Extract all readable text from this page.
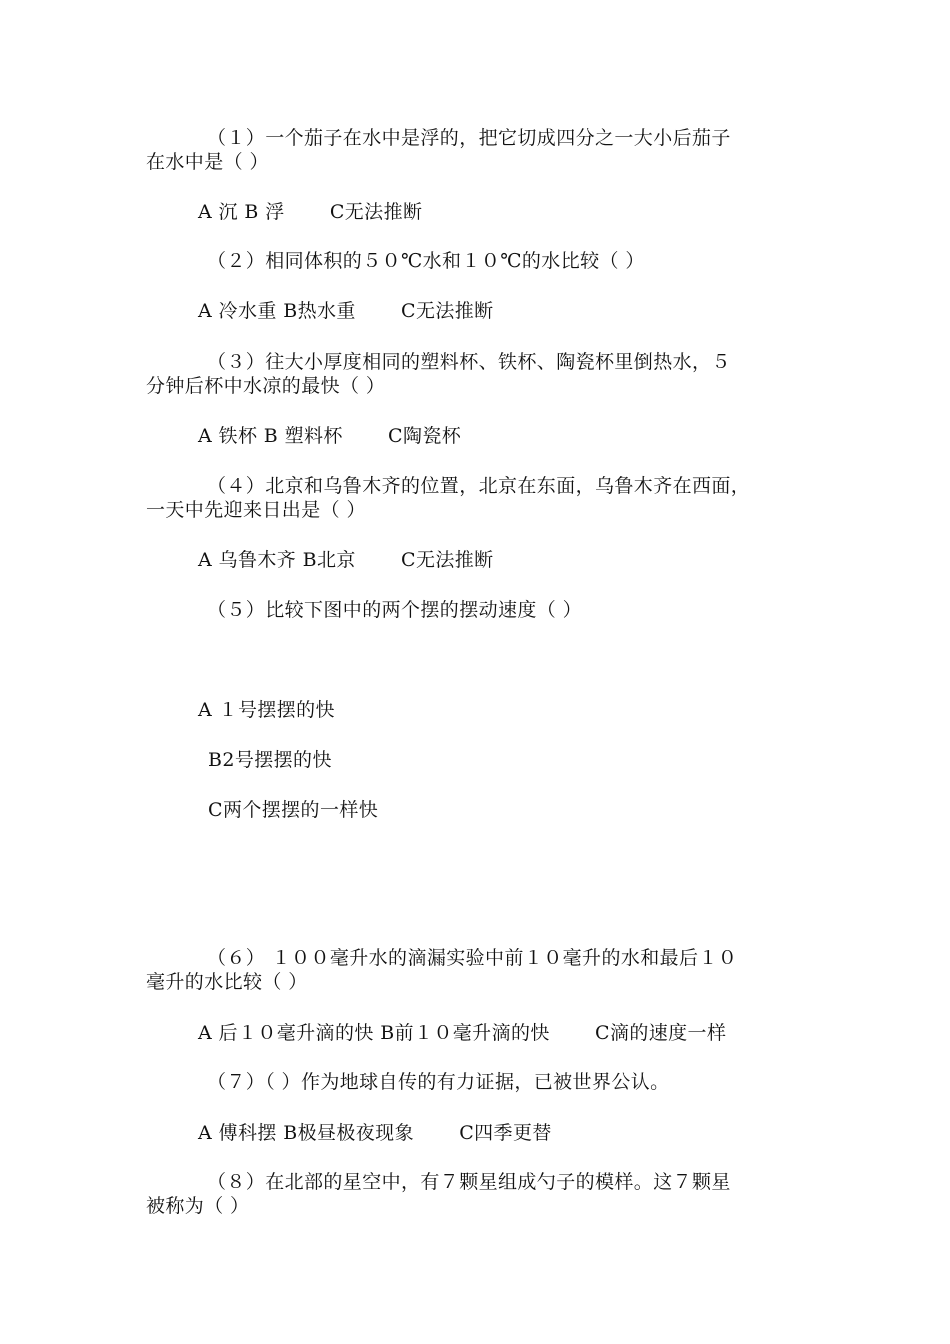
（１）一个茄子在水中是浮的，把它切成四分之一大小后茄子
在水中是（ ）
A 沉 B 浮　　 C无法推断
（２）相同体积的５０℃水和１０℃的水比较（ ）
A 冷水重 B热水重　　 C无法推断
（３）往大小厚度相同的塑料杯、铁杯、陶瓷杯里倒热水，５
分钟后杯中水凉的最快（ ）
A 铁杯 B 塑料杯　　 C陶瓷杯
（４）北京和乌鲁木齐的位置，北京在东面，乌鲁木齐在西面，
一天中先迎来日出是（ ）
A 乌鲁木齐 B北京　　 C无法推断
（５）比较下图中的两个摆的摆动速度（ ）
A １号摆摆的快
B2号摆摆的快
C两个摆摆的一样快
（６） １００毫升水的滴漏实验中前１０毫升的水和最后１０
毫升的水比较（ ）
A 后１０毫升滴的快 B前１０毫升滴的快　　 C滴的速度一样
（７）（ ）作为地球自传的有力证据，已被世界公认。
A 傅科摆 B极昼极夜现象　　 C四季更替
（８）在北部的星空中，有７颗星组成勺子的模样。这７颗星
被称为（ ）
